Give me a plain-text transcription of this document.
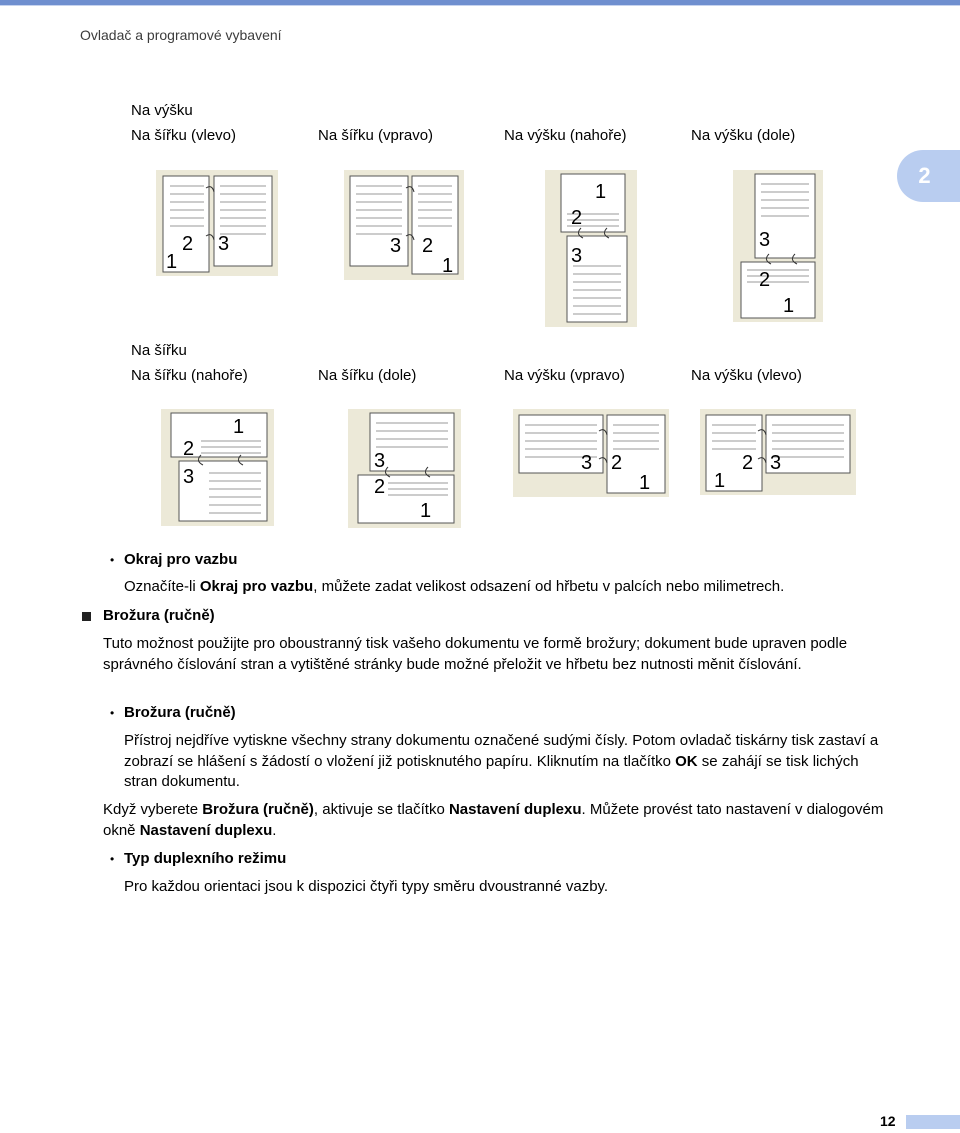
Ovladač a programové vybavení
2
Na výšku
Na šířku (vlevo)	Na šířku (vpravo)	Na výšku (nahoře)	Na výšku (dole)
2 3
1
3 2
1
1
2
3
3
2
1
Na šířku
Na šířku (nahoře)	Na šířku (dole)	Na výšku (vpravo)	Na výšku (vlevo)
1
2
3
3
2
1
3 2
1
2 3
1
• Okraj pro vazbu
Označíte-li Okraj pro vazbu, můžete zadat velikost odsazení od hřbetu v palcích nebo milimetrech.
Brožura (ručně)
Tuto možnost použijte pro oboustranný tisk vašeho dokumentu ve formě brožury; dokument bude upraven podle správného číslování stran a vytištěné stránky bude možné přeložit ve hřbetu bez nutnosti měnit číslování.
• Brožura (ručně)
Přístroj nejdříve vytiskne všechny strany dokumentu označené sudými čísly. Potom ovladač tiskárny tisk zastaví a zobrazí se hlášení s žádostí o vložení již potisknutého papíru. Kliknutím na tlačítko OK se zahájí se tisk lichých stran dokumentu.
Když vyberete Brožura (ručně), aktivuje se tlačítko Nastavení duplexu. Můžete provést tato nastavení v dialogovém okně Nastavení duplexu.
• Typ duplexního režimu
Pro každou orientaci jsou k dispozici čtyři typy směru dvoustranné vazby.
12
